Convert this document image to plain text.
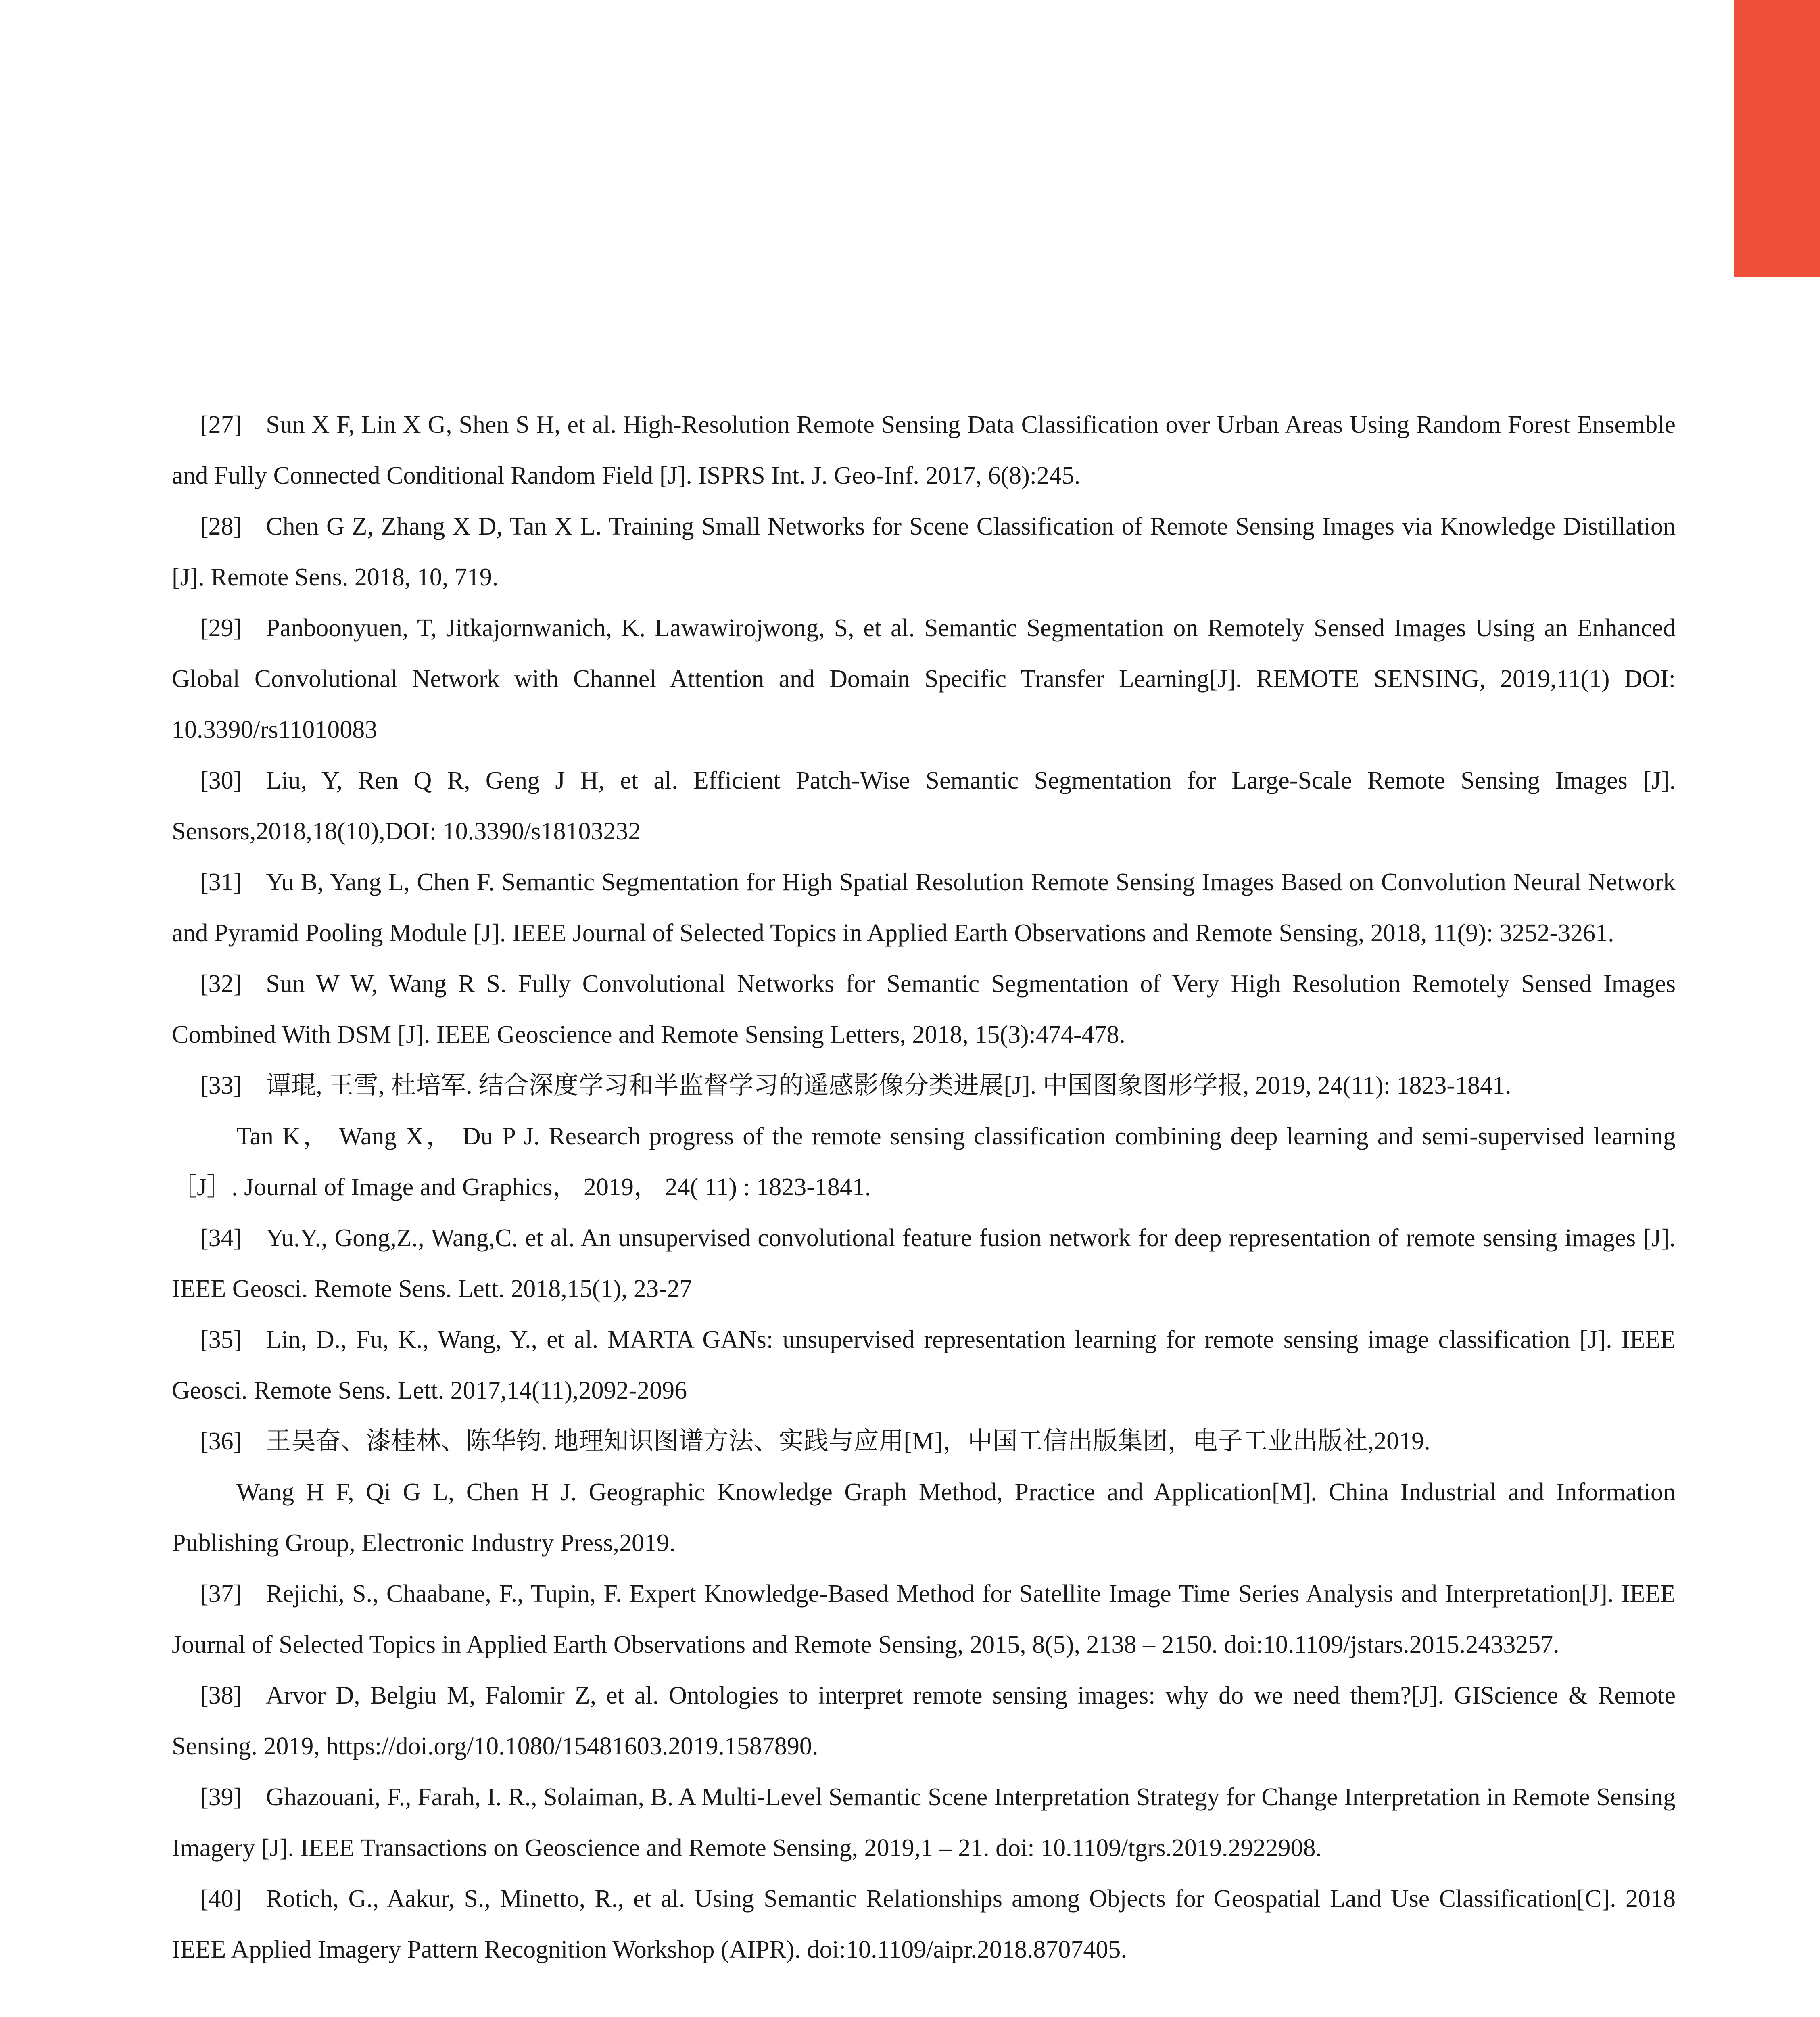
[27] Sun X F, Lin X G, Shen S H, et al. High-Resolution Remote Sensing Data Classification over Urban Areas Using Random Forest Ensemble and Fully Connected Conditional Random Field [J]. ISPRS Int. J. Geo-Inf. 2017, 6(8):245.

[28] Chen G Z, Zhang X D, Tan X L. Training Small Networks for Scene Classification of Remote Sensing Images via Knowledge Distillation [J]. Remote Sens. 2018, 10, 719.

[29] Panboonyuen, T, Jitkajornwanich, K. Lawawirojwong, S, et al. Semantic Segmentation on Remotely Sensed Images Using an Enhanced Global Convolutional Network with Channel Attention and Domain Specific Transfer Learning[J]. REMOTE SENSING, 2019,11(1) DOI: 10.3390/rs11010083

[30] Liu, Y, Ren Q R, Geng J H, et al. Efficient Patch-Wise Semantic Segmentation for Large-Scale Remote Sensing Images [J]. Sensors,2018,18(10),DOI: 10.3390/s18103232

[31] Yu B, Yang L, Chen F. Semantic Segmentation for High Spatial Resolution Remote Sensing Images Based on Convolution Neural Network and Pyramid Pooling Module [J]. IEEE Journal of Selected Topics in Applied Earth Observations and Remote Sensing, 2018, 11(9): 3252-3261.

[32] Sun W W, Wang R S. Fully Convolutional Networks for Semantic Segmentation of Very High Resolution Remotely Sensed Images Combined With DSM [J]. IEEE Geoscience and Remote Sensing Letters, 2018, 15(3):474-478.

[33] 谭琨, 王雪, 杜培军. 结合深度学习和半监督学习的遥感影像分类进展[J]. 中国图象图形学报, 2019, 24(11): 1823-1841.

Tan K， Wang X， Du P J. Research progress of the remote sensing classification combining deep learning and semi-supervised learning ［J］. Journal of Image and Graphics， 2019， 24( 11) : 1823-1841.

[34] Yu.Y., Gong,Z., Wang,C. et al. An unsupervised convolutional feature fusion network for deep representation of remote sensing images [J]. IEEE Geosci. Remote Sens. Lett. 2018,15(1), 23-27

[35] Lin, D., Fu, K., Wang, Y., et al. MARTA GANs: unsupervised representation learning for remote sensing image classification [J]. IEEE Geosci. Remote Sens. Lett. 2017,14(11),2092-2096

[36] 王昊奋、漆桂林、陈华钧. 地理知识图谱方法、实践与应用[M]，中国工信出版集团，电子工业出版社,2019.

Wang H F, Qi G L, Chen H J. Geographic Knowledge Graph Method, Practice and Application[M]. China Industrial and Information Publishing Group, Electronic Industry Press,2019.

[37] Rejichi, S., Chaabane, F., Tupin, F. Expert Knowledge-Based Method for Satellite Image Time Series Analysis and Interpretation[J]. IEEE Journal of Selected Topics in Applied Earth Observations and Remote Sensing, 2015, 8(5), 2138 – 2150. doi:10.1109/jstars.2015.2433257.

[38] Arvor D, Belgiu M, Falomir Z, et al. Ontologies to interpret remote sensing images: why do we need them?[J]. GIScience & Remote Sensing. 2019, https://doi.org/10.1080/15481603.2019.1587890.

[39] Ghazouani, F., Farah, I. R., Solaiman, B. A Multi-Level Semantic Scene Interpretation Strategy for Change Interpretation in Remote Sensing Imagery [J]. IEEE Transactions on Geoscience and Remote Sensing, 2019,1 – 21. doi: 10.1109/tgrs.2019.2922908.

[40] Rotich, G., Aakur, S., Minetto, R., et al. Using Semantic Relationships among Objects for Geospatial Land Use Classification[C]. 2018 IEEE Applied Imagery Pattern Recognition Workshop (AIPR). doi:10.1109/aipr.2018.8707405.
